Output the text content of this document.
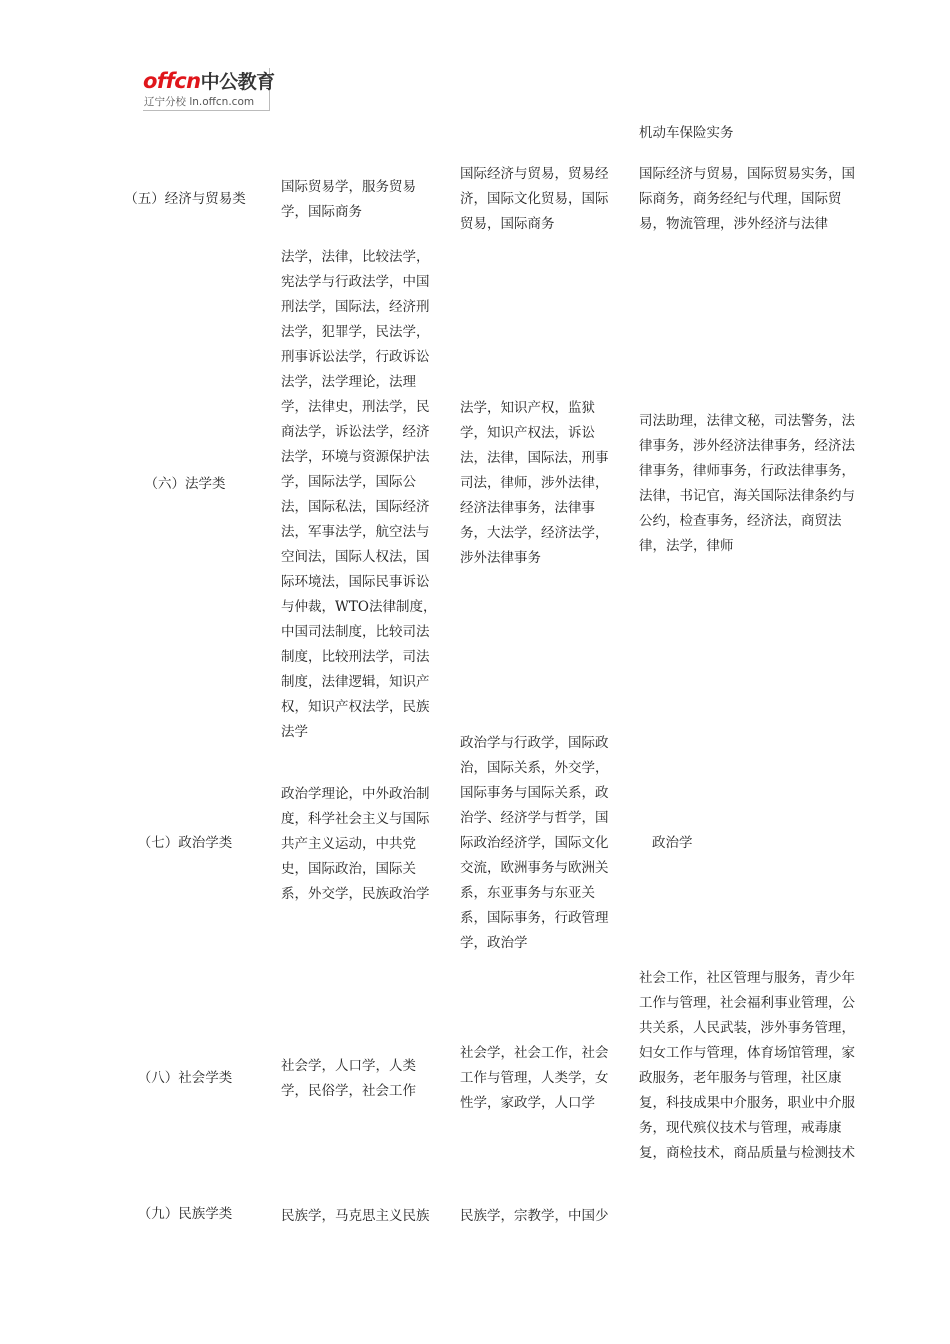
offcn中公教育
辽宁分校 ln.offcn.com
机动车保险实务
（五）经济与贸易类
国际贸易学，服务贸易学，国际商务
国际经济与贸易，贸易经济，国际文化贸易，国际贸易，国际商务
国际经济与贸易，国际贸易实务，国际商务，商务经纪与代理，国际贸易，物流管理，涉外经济与法律
（六）法学类
法学，法律，比较法学，宪法学与行政法学，中国刑法学，国际法，经济刑法学，犯罪学，民法学，刑事诉讼法学，行政诉讼法学，法学理论，法理学，法律史，刑法学，民商法学，诉讼法学，经济法学，环境与资源保护法学，国际法学，国际公法，国际私法，国际经济法，军事法学，航空法与空间法，国际人权法，国际环境法，国际民事诉讼与仲裁，WTO法律制度，中国司法制度，比较司法制度，比较刑法学，司法制度，法律逻辑，知识产权，知识产权法学，民族法学
法学，知识产权，监狱学，知识产权法，诉讼法，法律，国际法，刑事司法，律师，涉外法律，经济法律事务，法律事务，大法学，经济法学，涉外法律事务
司法助理，法律文秘，司法警务，法律事务，涉外经济法律事务，经济法律事务，律师事务，行政法律事务，法律，书记官，海关国际法律条约与公约，检查事务，经济法，商贸法律，法学，律师
（七）政治学类
政治学理论，中外政治制度，科学社会主义与国际共产主义运动，中共党史，国际政治，国际关系，外交学，民族政治学
政治学与行政学，国际政治，国际关系，外交学，国际事务与国际关系，政治学、经济学与哲学，国际政治经济学，国际文化交流，欧洲事务与欧洲关系，东亚事务与东亚关系，国际事务，行政管理学，政治学
政治学
（八）社会学类
社会学，人口学，人类学，民俗学，社会工作
社会学，社会工作，社会工作与管理，人类学，女性学，家政学，人口学
社会工作，社区管理与服务，青少年工作与管理，社会福利事业管理，公共关系，人民武装，涉外事务管理，妇女工作与管理，体育场馆管理，家政服务，老年服务与管理，社区康复，科技成果中介服务，职业中介服务，现代殡仪技术与管理，戒毒康复，商检技术，商品质量与检测技术
（九）民族学类	民族学，马克思主义民族	民族学，宗教学，中国少
